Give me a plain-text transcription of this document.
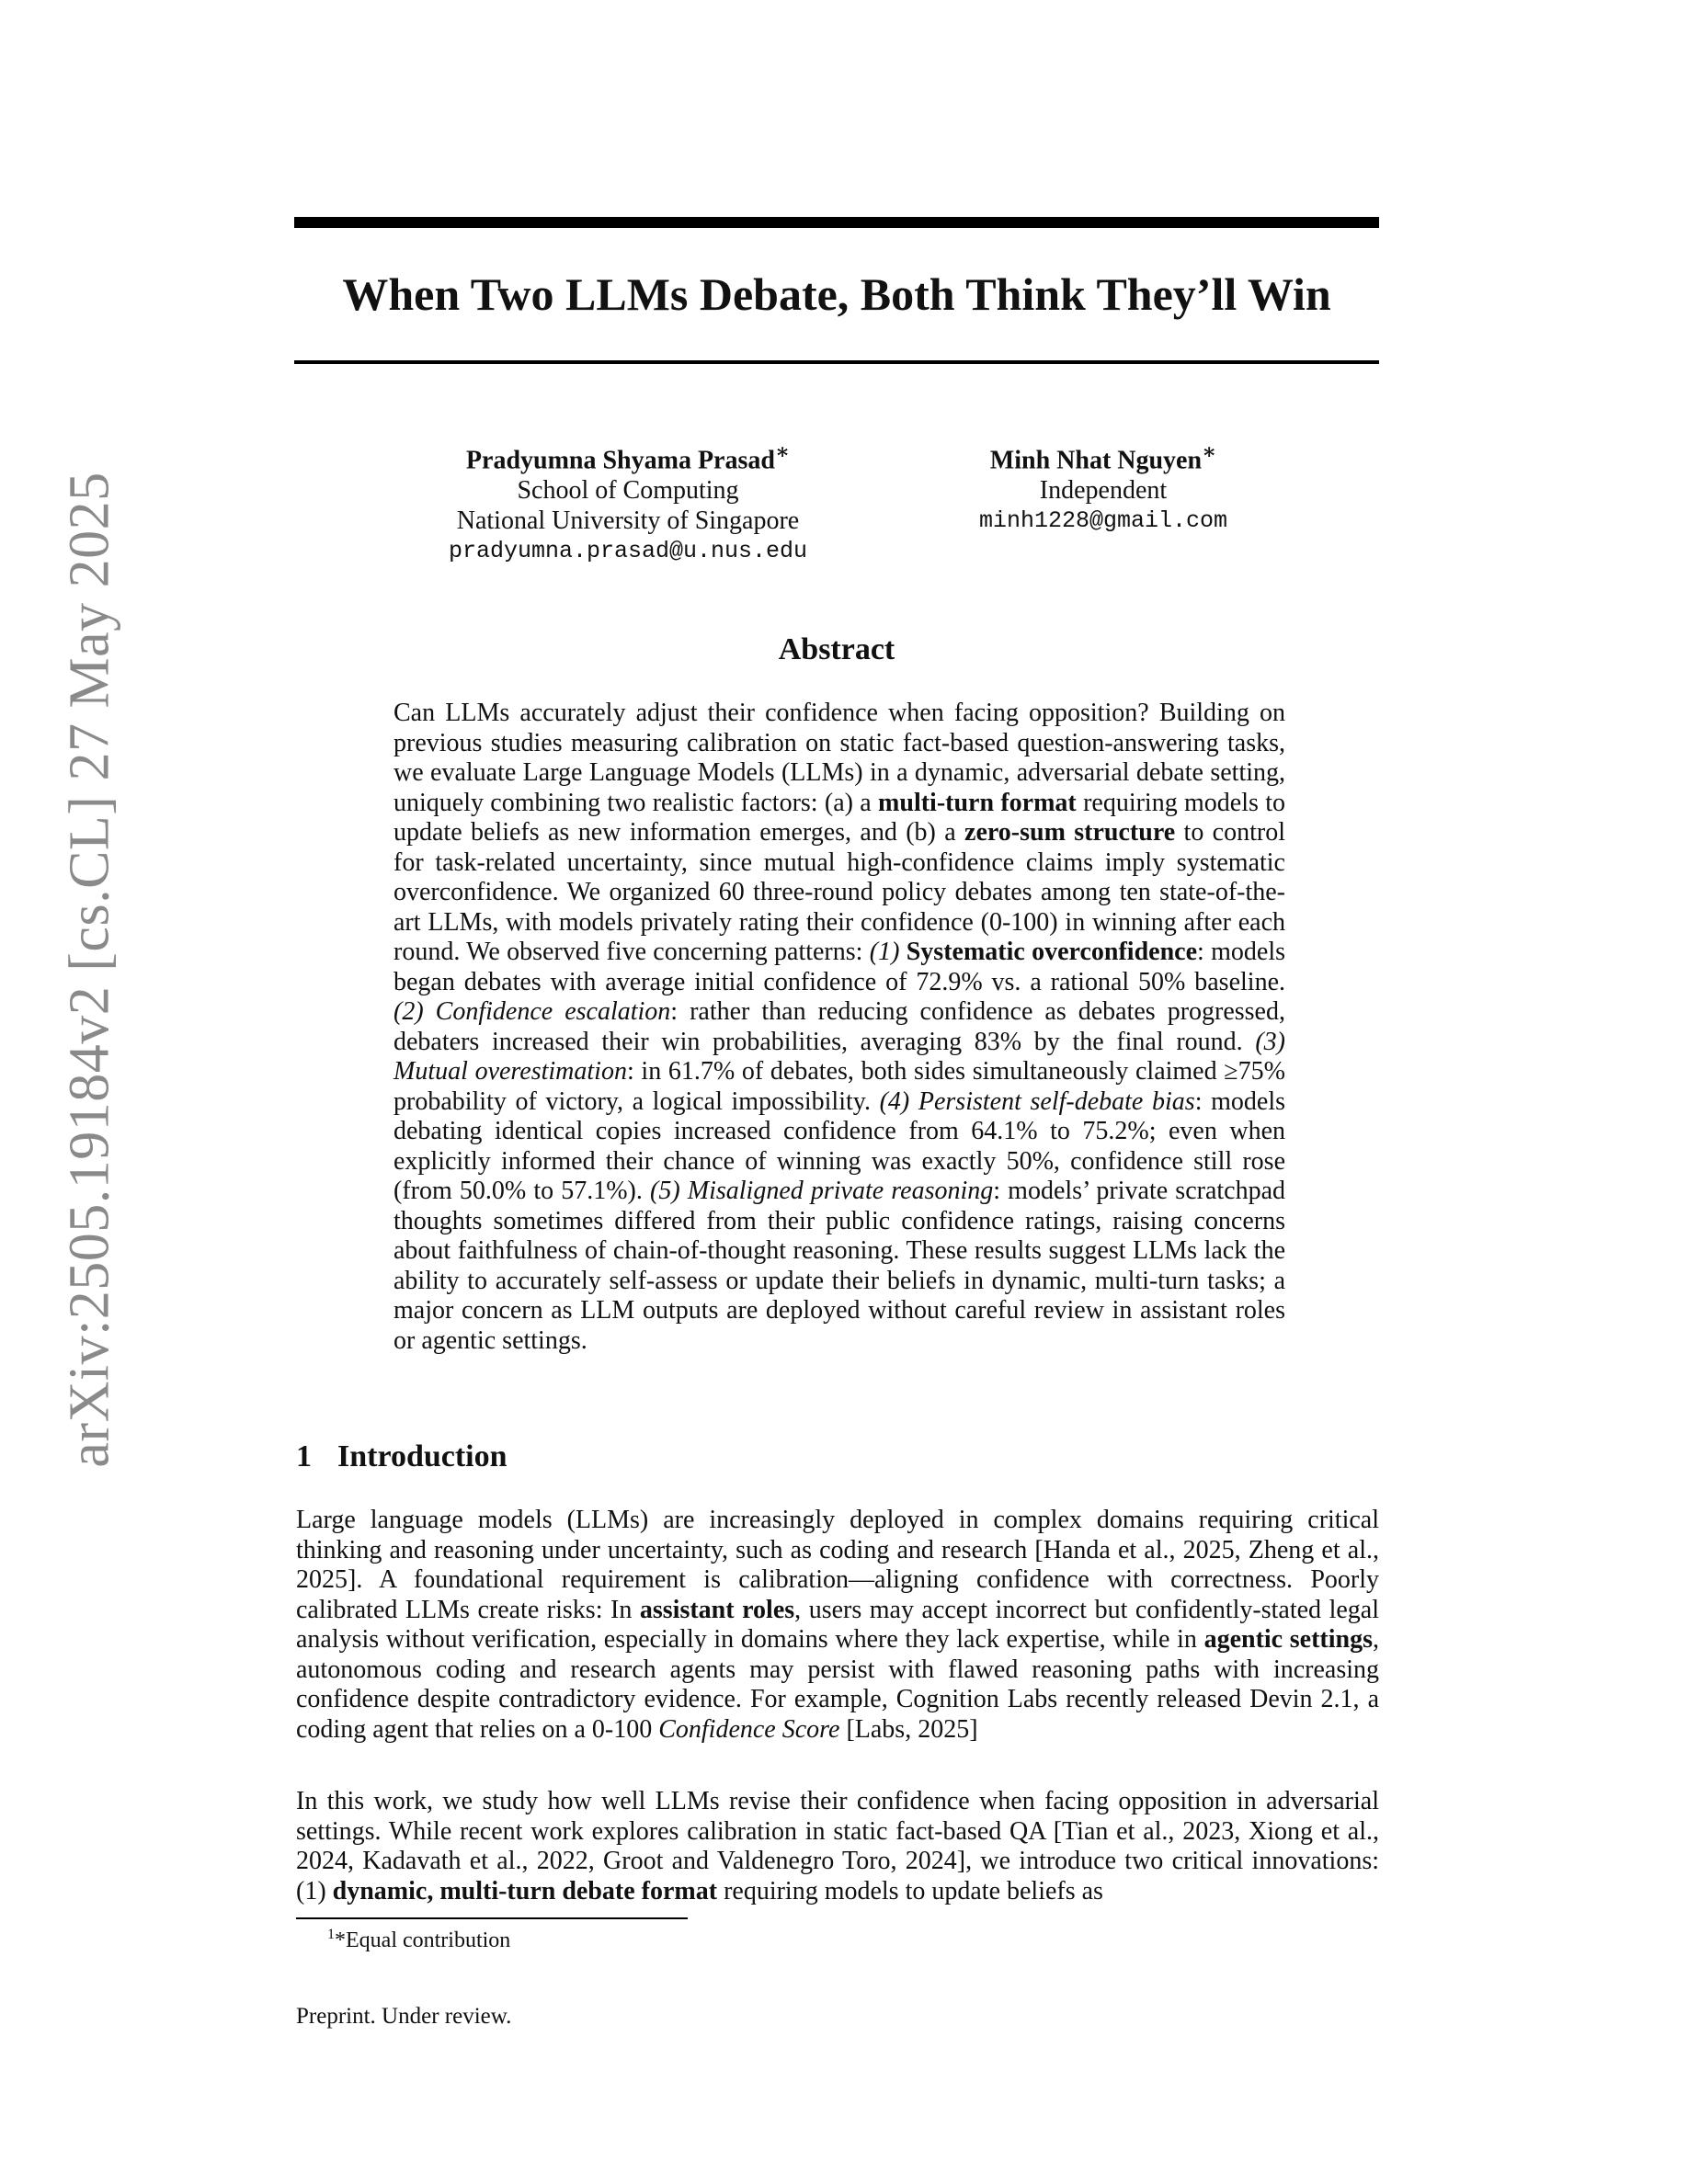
arXiv:2505.19184v2 [cs.CL] 27 May 2025
When Two LLMs Debate, Both Think They’ll Win
Pradyumna Shyama Prasad∗
School of Computing
National University of Singapore
pradyumna.prasad@u.nus.edu
Minh Nhat Nguyen∗
Independent
minh1228@gmail.com
Abstract
Can LLMs accurately adjust their confidence when facing opposition? Building on previous studies measuring calibration on static fact-based question-answering tasks, we evaluate Large Language Models (LLMs) in a dynamic, adversarial debate setting, uniquely combining two realistic factors: (a) a multi-turn format requiring models to update beliefs as new information emerges, and (b) a zero-sum structure to control for task-related uncertainty, since mutual high-confidence claims imply systematic overconfidence. We organized 60 three-round policy debates among ten state-of-the-art LLMs, with models privately rating their confidence (0-100) in winning after each round. We observed five concerning patterns: (1) Systematic overconfidence: models began debates with average initial confidence of 72.9% vs. a rational 50% baseline. (2) Confidence escalation: rather than reducing confidence as debates progressed, debaters increased their win probabilities, averaging 83% by the final round. (3) Mutual overestimation: in 61.7% of debates, both sides simultaneously claimed ≥75% probability of victory, a logical impossibility. (4) Persistent self-debate bias: models debating identical copies increased confidence from 64.1% to 75.2%; even when explicitly informed their chance of winning was exactly 50%, confidence still rose (from 50.0% to 57.1%). (5) Misaligned private reasoning: models’ private scratchpad thoughts sometimes differed from their public confidence ratings, raising concerns about faithfulness of chain-of-thought reasoning. These results suggest LLMs lack the ability to accurately self-assess or update their beliefs in dynamic, multi-turn tasks; a major concern as LLM outputs are deployed without careful review in assistant roles or agentic settings.
1 Introduction
Large language models (LLMs) are increasingly deployed in complex domains requiring critical thinking and reasoning under uncertainty, such as coding and research [Handa et al., 2025, Zheng et al., 2025]. A foundational requirement is calibration—aligning confidence with correctness. Poorly calibrated LLMs create risks: In assistant roles, users may accept incorrect but confidently-stated legal analysis without verification, especially in domains where they lack expertise, while in agentic settings, autonomous coding and research agents may persist with flawed reasoning paths with increasing confidence despite contradictory evidence. For example, Cognition Labs recently released Devin 2.1, a coding agent that relies on a 0-100 Confidence Score [Labs, 2025]
In this work, we study how well LLMs revise their confidence when facing opposition in adversarial settings. While recent work explores calibration in static fact-based QA [Tian et al., 2023, Xiong et al., 2024, Kadavath et al., 2022, Groot and Valdenegro Toro, 2024], we introduce two critical innovations: (1) dynamic, multi-turn debate format requiring models to update beliefs as
$^1$*Equal contribution
Preprint. Under review.
